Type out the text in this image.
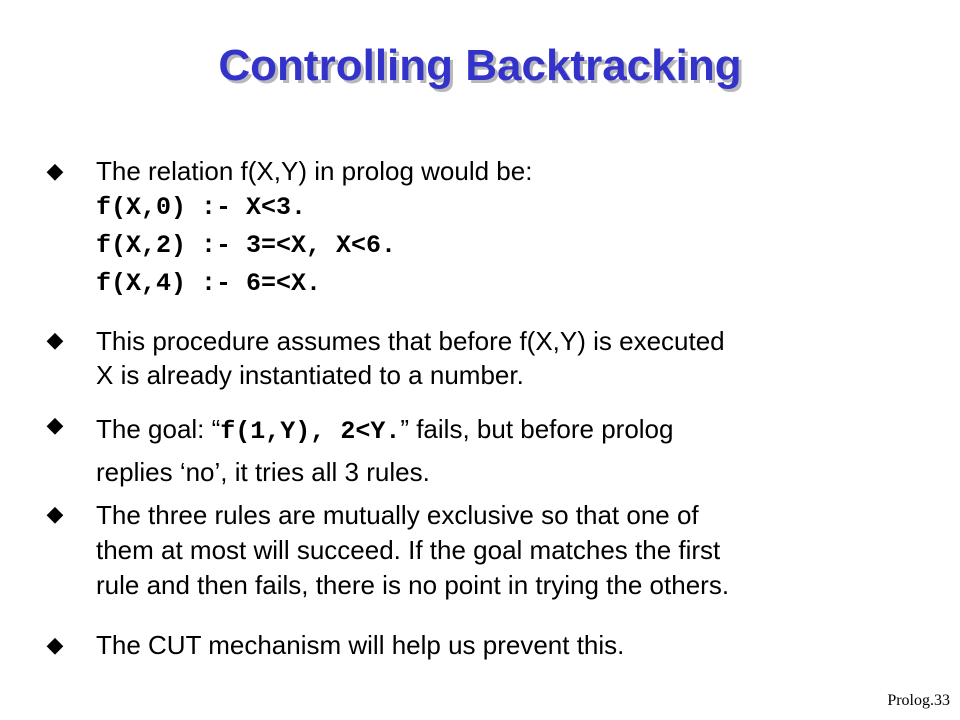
Controlling Backtracking
◆ The relation f(X,Y) in prolog would be:
f(X,0) :- X<3.
f(X,2) :- 3=<X, X<6.
f(X,4) :- 6=<X.
◆ This procedure assumes that before f(X,Y) is executed
X is already instantiated to a number.
◆ The goal: “f(1,Y), 2<Y.” fails, but before prolog
replies ‘no’, it tries all 3 rules.
◆ The three rules are mutually exclusive so that one of
them at most will succeed. If the goal matches the first
rule and then fails, there is no point in trying the others.
◆ The CUT mechanism will help us prevent this.
Prolog.33
